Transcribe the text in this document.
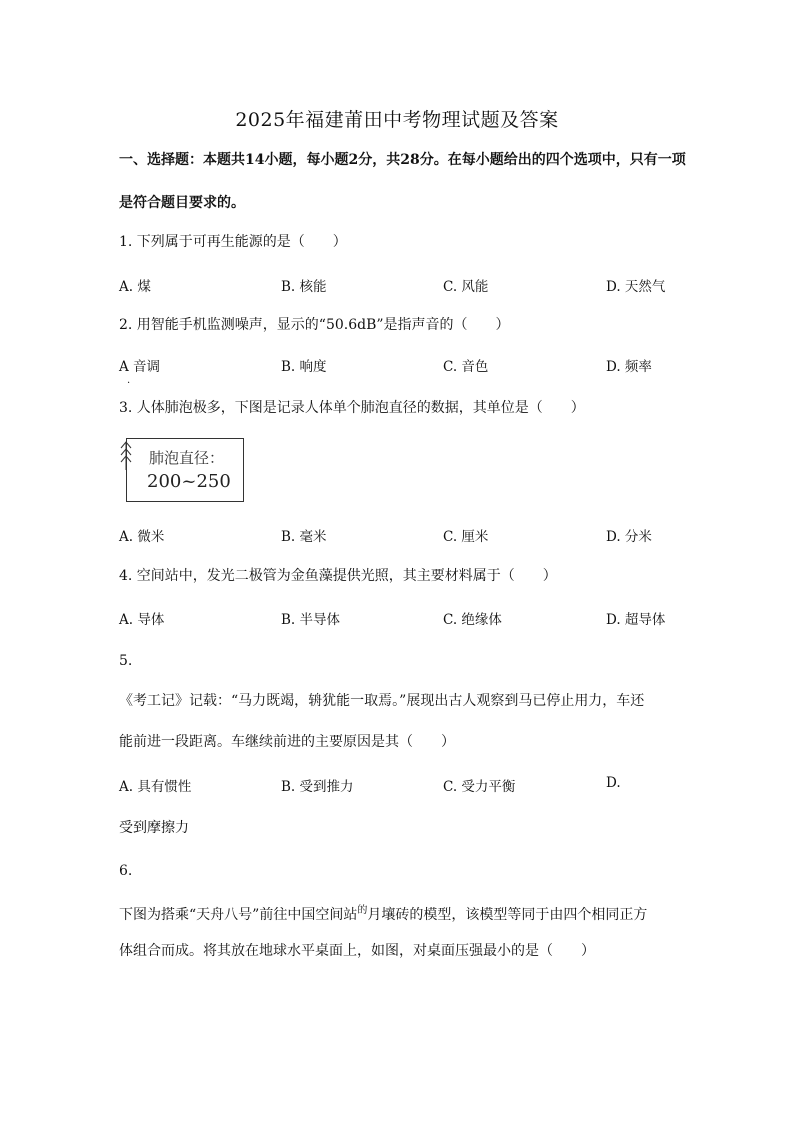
2025年福建莆田中考物理试题及答案
一、选择题：本题共14小题，每小题2分，共28分。在每小题给出的四个选项中，只有一项
是符合题目要求的。
1. 下列属于可再生能源的是（　　）
A. 煤	B. 核能	C. 风能	D. 天然气
2. 用智能手机监测噪声，显示的“50.6dB”是指声音的（　　）
A 音调	B. 响度	C. 音色	D. 频率
.
3. 人体肺泡极多，下图是记录人体单个肺泡直径的数据，其单位是（　　）
肺泡直径：
200~250
A. 微米	B. 毫米	C. 厘米	D. 分米
4. 空间站中，发光二极管为金鱼藻提供光照，其主要材料属于（　　）
A. 导体	B. 半导体	C. 绝缘体	D. 超导体
5.
《考工记》记载：“马力既竭，辀犹能一取焉。”展现出古人观察到马已停止用力，车还
能前进一段距离。车继续前进的主要原因是其（　　）
A. 具有惯性	B. 受到推力	C. 受力平衡	D.
受到摩擦力
6.
下图为搭乘“天舟八号”前往中国空间站$^的$月壤砖的模型，该模型等同于由四个相同正方
体组合而成。将其放在地球水平桌面上，如图，对桌面压强最小的是（　　）
